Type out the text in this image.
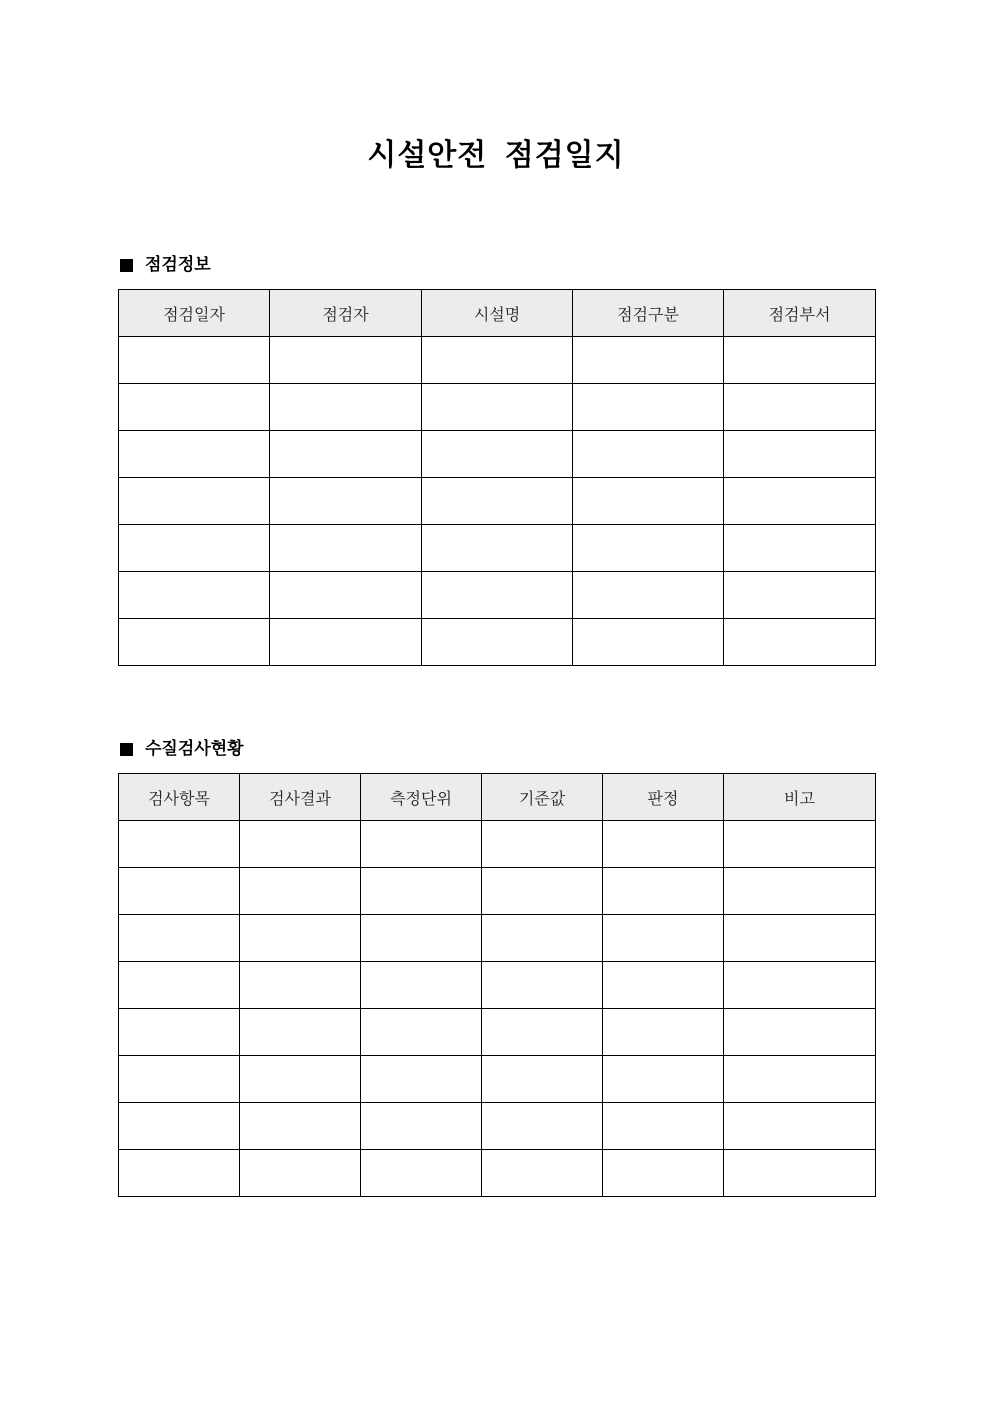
시설안전 점검일지
점검정보
점검일자	점검자	시설명	점검구분	점검부서

수질검사현황
검사항목	검사결과	측정단위	기준값	판정	비고
